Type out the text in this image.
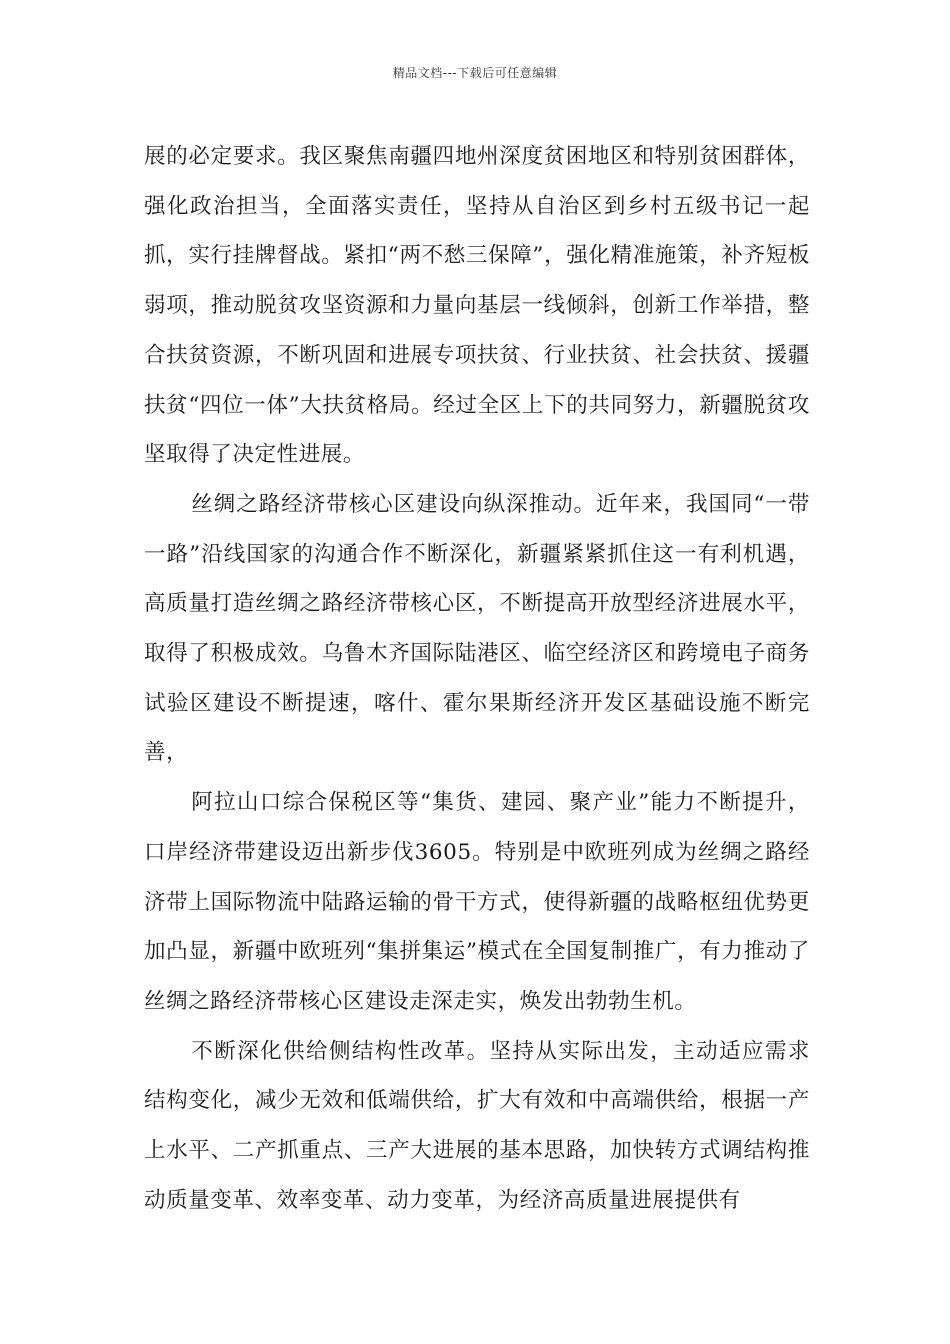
精品文档---下载后可任意编辑

展的必定要求。我区聚焦南疆四地州深度贫困地区和特别贫困群体，强化政治担当，全面落实责任，坚持从自治区到乡村五级书记一起抓，实行挂牌督战。紧扣“两不愁三保障”，强化精准施策，补齐短板弱项，推动脱贫攻坚资源和力量向基层一线倾斜，创新工作举措，整合扶贫资源，不断巩固和进展专项扶贫、行业扶贫、社会扶贫、援疆扶贫“四位一体”大扶贫格局。经过全区上下的共同努力，新疆脱贫攻坚取得了决定性进展。

丝绸之路经济带核心区建设向纵深推动。近年来，我国同“一带一路”沿线国家的沟通合作不断深化，新疆紧紧抓住这一有利机遇，高质量打造丝绸之路经济带核心区，不断提高开放型经济进展水平，取得了积极成效。乌鲁木齐国际陆港区、临空经济区和跨境电子商务试验区建设不断提速，喀什、霍尔果斯经济开发区基础设施不断完善，

阿拉山口综合保税区等“集货、建园、聚产业”能力不断提升，口岸经济带建设迈出新步伐3605。特别是中欧班列成为丝绸之路经济带上国际物流中陆路运输的骨干方式，使得新疆的战略枢纽优势更加凸显，新疆中欧班列“集拼集运”模式在全国复制推广，有力推动了丝绸之路经济带核心区建设走深走实，焕发出勃勃生机。

不断深化供给侧结构性改革。坚持从实际出发，主动适应需求结构变化，减少无效和低端供给，扩大有效和中高端供给，根据一产上水平、二产抓重点、三产大进展的基本思路，加快转方式调结构推动质量变革、效率变革、动力变革，为经济高质量进展提供有
